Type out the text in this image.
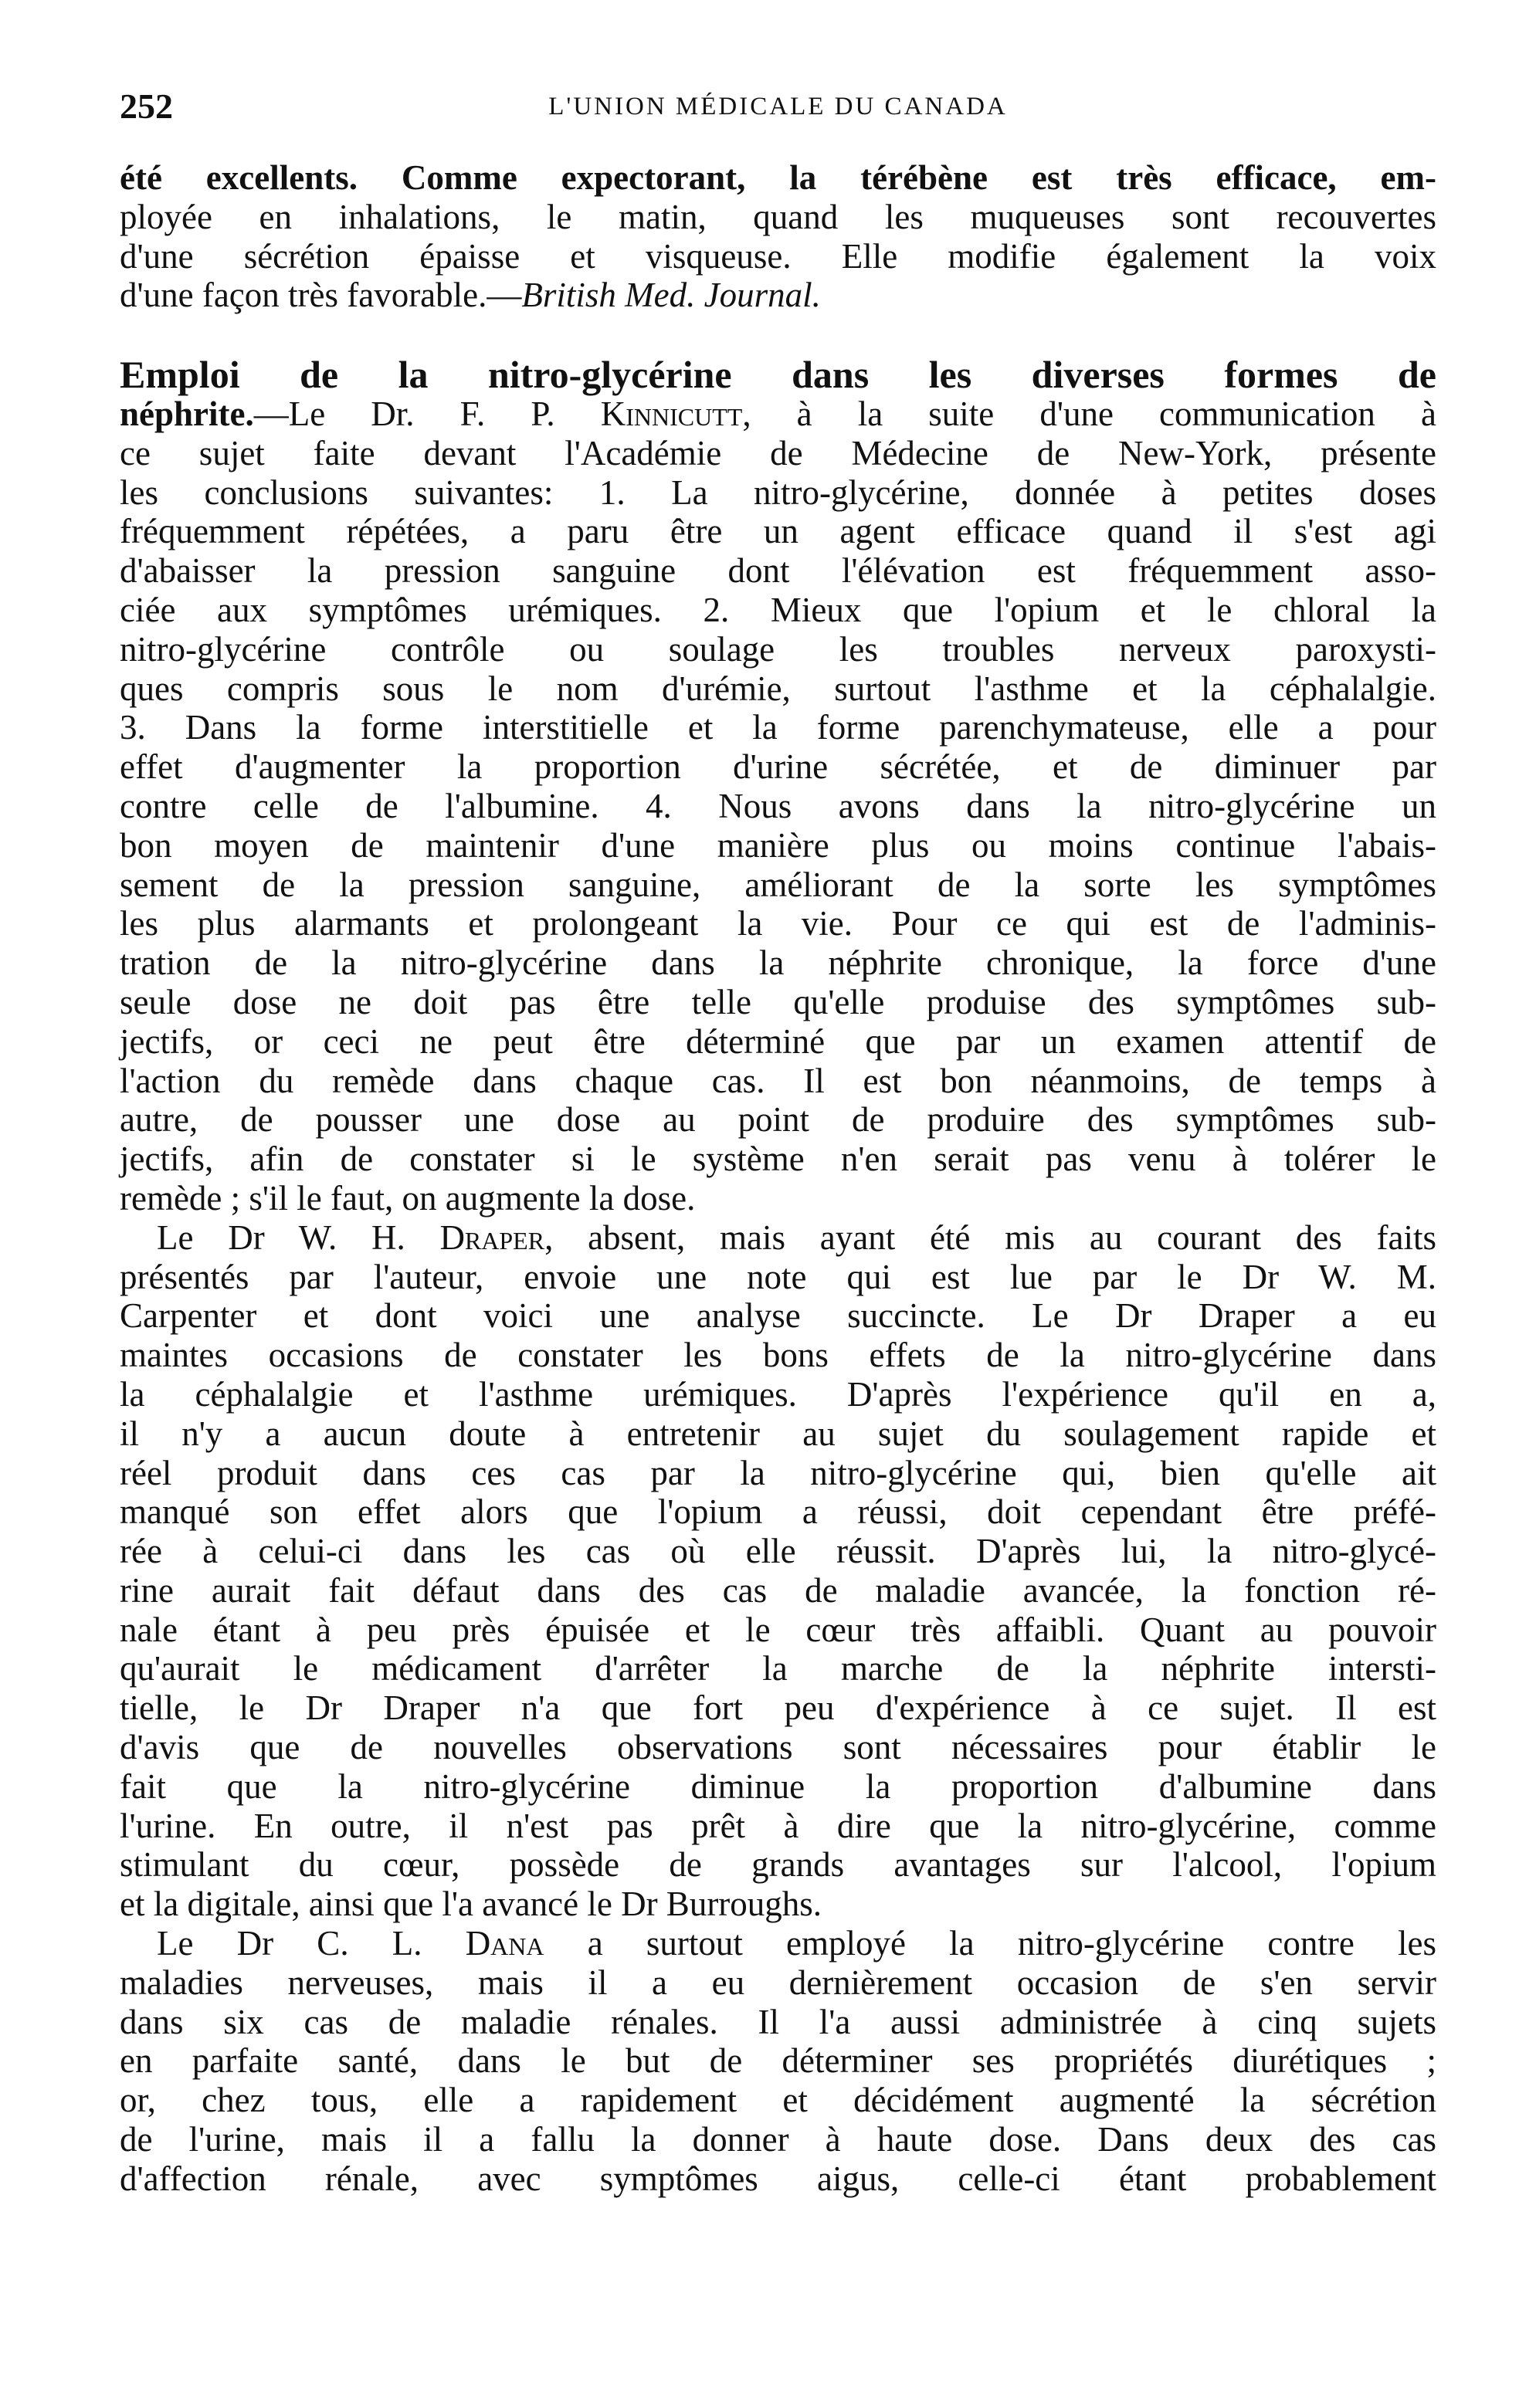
252	L'UNION MÉDICALE DU CANADA
été excellents. Comme expectorant, la térébène est très efficace, em-
ployée en inhalations, le matin, quand les muqueuses sont recouvertes
d'une sécrétion épaisse et visqueuse. Elle modifie également la voix
d'une façon très favorable.—British Med. Journal.
Emploi de la nitro-glycérine dans les diverses formes de
néphrite.—Le Dr. F. P. Kinnicutt, à la suite d'une communication à
ce sujet faite devant l'Académie de Médecine de New-York, présente
les conclusions suivantes: 1. La nitro-glycérine, donnée à petites doses
fréquemment répétées, a paru être un agent efficace quand il s'est agi
d'abaisser la pression sanguine dont l'élévation est fréquemment asso-
ciée aux symptômes urémiques. 2. Mieux que l'opium et le chloral la
nitro-glycérine contrôle ou soulage les troubles nerveux paroxysti-
ques compris sous le nom d'urémie, surtout l'asthme et la céphalalgie.
3. Dans la forme interstitielle et la forme parenchymateuse, elle a pour
effet d'augmenter la proportion d'urine sécrétée, et de diminuer par
contre celle de l'albumine. 4. Nous avons dans la nitro-glycérine un
bon moyen de maintenir d'une manière plus ou moins continue l'abais-
sement de la pression sanguine, améliorant de la sorte les symptômes
les plus alarmants et prolongeant la vie. Pour ce qui est de l'adminis-
tration de la nitro-glycérine dans la néphrite chronique, la force d'une
seule dose ne doit pas être telle qu'elle produise des symptômes sub-
jectifs, or ceci ne peut être déterminé que par un examen attentif de
l'action du remède dans chaque cas. Il est bon néanmoins, de temps à
autre, de pousser une dose au point de produire des symptômes sub-
jectifs, afin de constater si le système n'en serait pas venu à tolérer le
remède ; s'il le faut, on augmente la dose.
Le Dr W. H. Draper, absent, mais ayant été mis au courant des faits
présentés par l'auteur, envoie une note qui est lue par le Dr W. M.
Carpenter et dont voici une analyse succincte. Le Dr Draper a eu
maintes occasions de constater les bons effets de la nitro-glycérine dans
la céphalalgie et l'asthme urémiques. D'après l'expérience qu'il en a,
il n'y a aucun doute à entretenir au sujet du soulagement rapide et
réel produit dans ces cas par la nitro-glycérine qui, bien qu'elle ait
manqué son effet alors que l'opium a réussi, doit cependant être préfé-
rée à celui-ci dans les cas où elle réussit. D'après lui, la nitro-glycé-
rine aurait fait défaut dans des cas de maladie avancée, la fonction ré-
nale étant à peu près épuisée et le cœur très affaibli. Quant au pouvoir
qu'aurait le médicament d'arrêter la marche de la néphrite intersti-
tielle, le Dr Draper n'a que fort peu d'expérience à ce sujet. Il est
d'avis que de nouvelles observations sont nécessaires pour établir le
fait que la nitro-glycérine diminue la proportion d'albumine dans
l'urine. En outre, il n'est pas prêt à dire que la nitro-glycérine, comme
stimulant du cœur, possède de grands avantages sur l'alcool, l'opium
et la digitale, ainsi que l'a avancé le Dr Burroughs.
Le Dr C. L. Dana a surtout employé la nitro-glycérine contre les
maladies nerveuses, mais il a eu dernièrement occasion de s'en servir
dans six cas de maladie rénales. Il l'a aussi administrée à cinq sujets
en parfaite santé, dans le but de déterminer ses propriétés diurétiques ;
or, chez tous, elle a rapidement et décidément augmenté la sécrétion
de l'urine, mais il a fallu la donner à haute dose. Dans deux des cas
d'affection rénale, avec symptômes aigus, celle-ci étant probablement
